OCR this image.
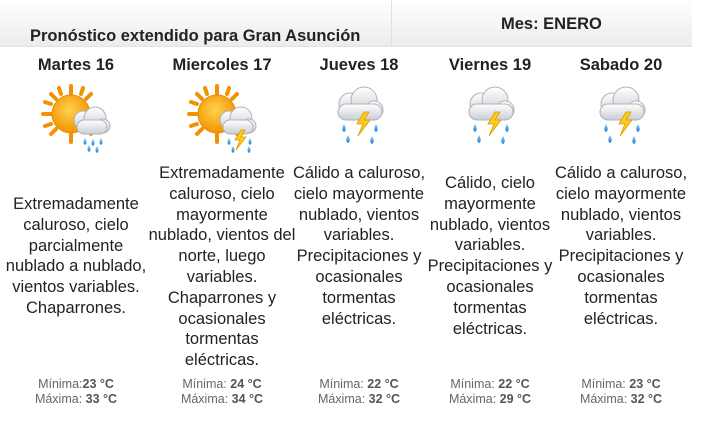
Pronóstico extendido para Gran Asunción
Mes: ENERO
Martes 16
Extremadamente caluroso, cielo parcialmente nublado a nublado, vientos variables. Chaparrones.
Mínima:23 °C
Máxima: 33 °C
Miercoles 17
Extremadamente caluroso, cielo mayormente nublado, vientos del norte, luego variables. Chaparrones y ocasionales tormentas eléctricas.
Mínima: 24 °C
Máxima: 34 °C
Jueves 18
Cálido a caluroso, cielo mayormente nublado, vientos variables. Precipitaciones y ocasionales tormentas eléctricas.
Mínima: 22 °C
Máxima: 32 °C
Viernes 19
Cálido, cielo mayormente nublado, vientos variables. Precipitaciones y ocasionales tormentas eléctricas.
Mínima: 22 °C
Máxima: 29 °C
Sabado 20
Cálido a caluroso, cielo mayormente nublado, vientos variables. Precipitaciones y ocasionales tormentas eléctricas.
Mínima: 23 °C
Máxima: 32 °C
